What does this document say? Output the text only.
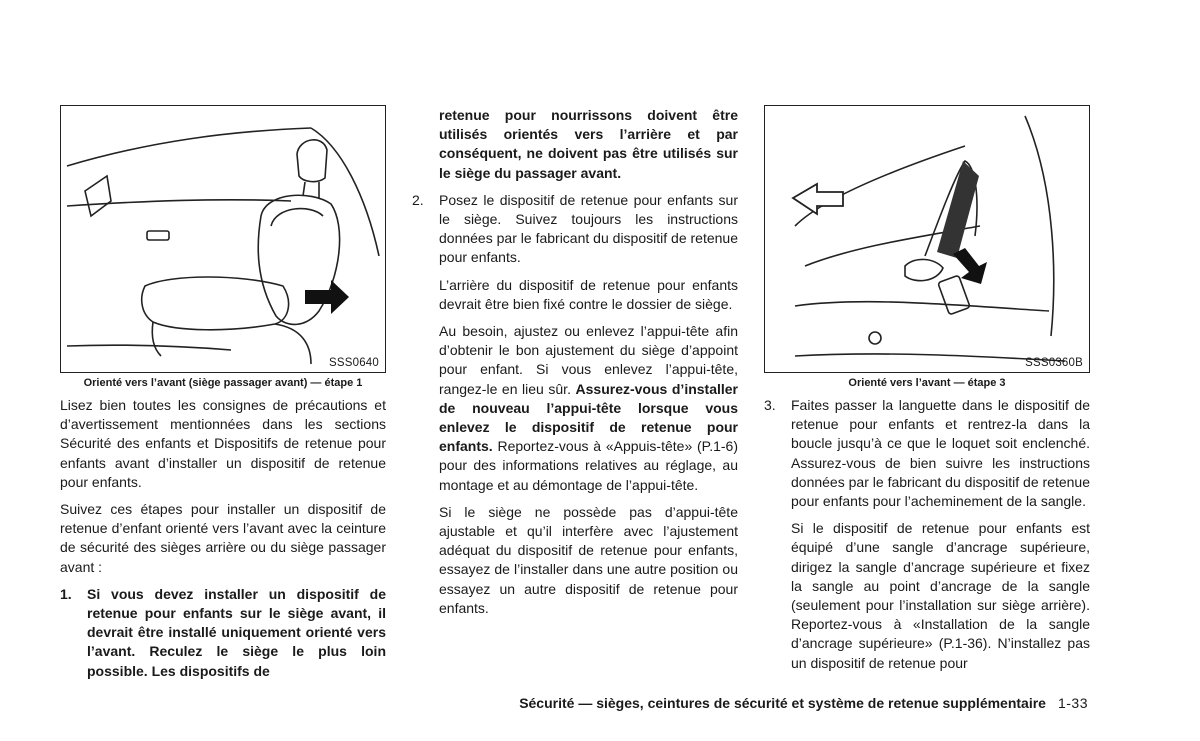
SSS0640
Orienté vers l’avant (siège passager avant) — étape 1
SSS0360B
Orienté vers l’avant — étape 3

Lisez bien toutes les consignes de précautions et d’avertissement mentionnées dans les sections Sécurité des enfants et Dispositifs de retenue pour enfants avant d’installer un dispositif de retenue pour enfants.

Suivez ces étapes pour installer un dispositif de retenue d’enfant orienté vers l’avant avec la ceinture de sécurité des sièges arrière ou du siège passager avant :

1. Si vous devez installer un dispositif de retenue pour enfants sur le siège avant, il devrait être installé uniquement orienté vers l’avant. Reculez le siège le plus loin possible. Les dispositifs de
retenue pour nourrissons doivent être utilisés orientés vers l’arrière et par conséquent, ne doivent pas être utilisés sur le siège du passager avant.
2. Posez le dispositif de retenue pour enfants sur le siège. Suivez toujours les instructions données par le fabricant du dispositif de retenue pour enfants.

L’arrière du dispositif de retenue pour enfants devrait être bien fixé contre le dossier de siège.

Au besoin, ajustez ou enlevez l’appui-tête afin d’obtenir le bon ajustement du siège d’appoint pour enfant. Si vous enlevez l’appui-tête, rangez-le en lieu sûr. Assurez-vous d’installer de nouveau l’appui-tête lorsque vous enlevez le dispositif de retenue pour enfants. Reportez-vous à «Appuis-tête» (P.1-6) pour des informations relatives au réglage, au montage et au démontage de l’appui-tête.

Si le siège ne possède pas d’appui-tête ajustable et qu’il interfère avec l’ajustement adéquat du dispositif de retenue pour enfants, essayez de l’installer dans une autre position ou essayez un autre dispositif de retenue pour enfants.

3. Faites passer la languette dans le dispositif de retenue pour enfants et rentrez-la dans la boucle jusqu’à ce que le loquet soit enclenché. Assurez-vous de bien suivre les instructions données par le fabricant du dispositif de retenue pour enfants pour l’acheminement de la sangle.

Si le dispositif de retenue pour enfants est équipé d’une sangle d’ancrage supérieure, dirigez la sangle d’ancrage supérieure et fixez la sangle au point d’ancrage de la sangle (seulement pour l’installation sur siège arrière). Reportez-vous à «Installation de la sangle d’ancrage supérieure» (P.1-36). N’installez pas un dispositif de retenue pour

Sécurité — sièges, ceintures de sécurité et système de retenue supplémentaire 1-33
